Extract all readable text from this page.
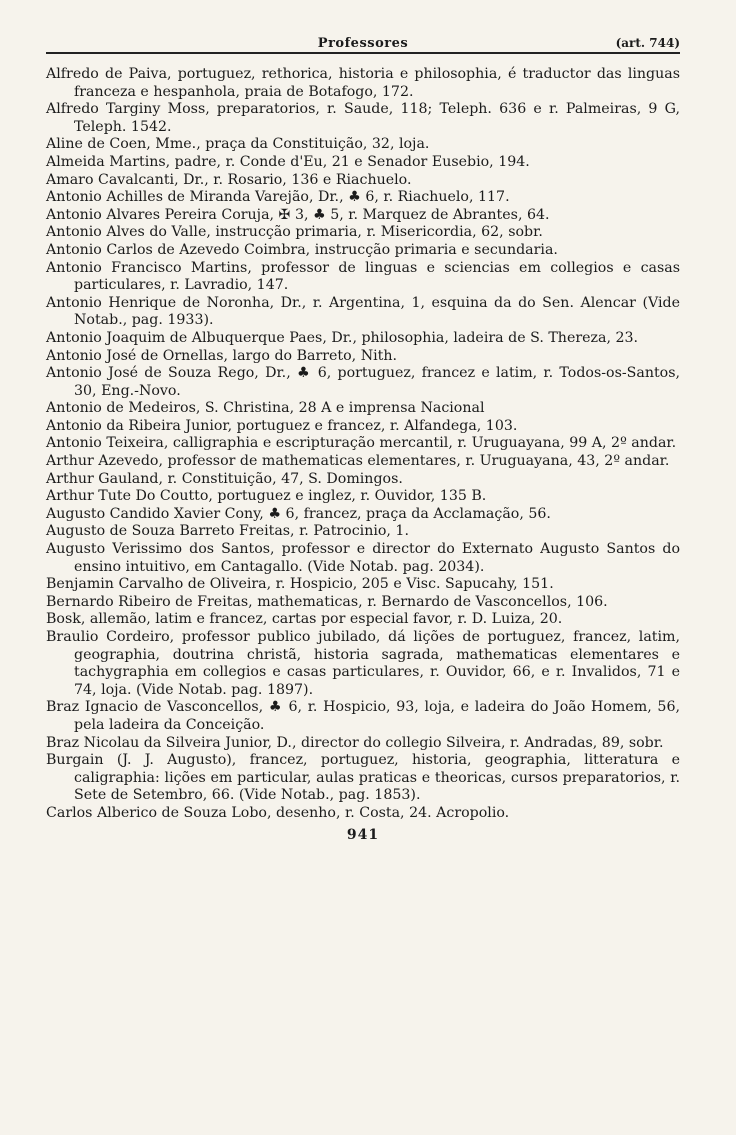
Professores	(art. 744)

Alfredo de Paiva, portuguez, rethorica, historia e philosophia, é traductor das linguas franceza e hespanhola, praia de Botafogo, 172.

Alfredo Targiny Moss, preparatorios, r. Saude, 118; Teleph. 636 e r. Palmeiras, 9 G, Teleph. 1542.

Aline de Coen, Mme., praça da Constituição, 32, loja.

Almeida Martins, padre, r. Conde d'Eu, 21 e Senador Eusebio, 194.

Amaro Cavalcanti, Dr., r. Rosario, 136 e Riachuelo.

Antonio Achilles de Miranda Varejão, Dr., ♣ 6, r. Riachuelo, 117.

Antonio Alvares Pereira Coruja, ✠ 3, ♣ 5, r. Marquez de Abrantes, 64.

Antonio Alves do Valle, instrucção primaria, r. Misericordia, 62, sobr.

Antonio Carlos de Azevedo Coimbra, instrucção primaria e secundaria.

Antonio Francisco Martins, professor de linguas e sciencias em collegios e casas particulares, r. Lavradio, 147.

Antonio Henrique de Noronha, Dr., r. Argentina, 1, esquina da do Sen. Alencar (Vide Notab., pag. 1933).

Antonio Joaquim de Albuquerque Paes, Dr., philosophia, ladeira de S. Thereza, 23.

Antonio José de Ornellas, largo do Barreto, Nith.

Antonio José de Souza Rego, Dr., ♣ 6, portuguez, francez e latim, r. Todos-os-Santos, 30, Eng.-Novo.

Antonio de Medeiros, S. Christina, 28 A e imprensa Nacional

Antonio da Ribeira Junior, portuguez e francez, r. Alfandega, 103.

Antonio Teixeira, calligraphia e escripturação mercantil, r. Uruguayana, 99 A, 2º andar.

Arthur Azevedo, professor de mathematicas elementares, r. Uruguayana, 43, 2º andar.

Arthur Gauland, r. Constituição, 47, S. Domingos.

Arthur Tute Do Coutto, portuguez e inglez, r. Ouvidor, 135 B.

Augusto Candido Xavier Cony, ♣ 6, francez, praça da Acclamação, 56.

Augusto de Souza Barreto Freitas, r. Patrocinio, 1.

Augusto Verissimo dos Santos, professor e director do Externato Augusto Santos do ensino intuitivo, em Cantagallo. (Vide Notab. pag. 2034).

Benjamin Carvalho de Oliveira, r. Hospicio, 205 e Visc. Sapucahy, 151.

Bernardo Ribeiro de Freitas, mathematicas, r. Bernardo de Vasconcellos, 106.

Bosk, allemão, latim e francez, cartas por especial favor, r. D. Luiza, 20.

Braulio Cordeiro, professor publico jubilado, dá lições de portuguez, francez, latim, geographia, doutrina christã, historia sagrada, mathematicas elementares e tachygraphia em collegios e casas particulares, r. Ouvidor, 66, e r. Invalidos, 71 e 74, loja. (Vide Notab. pag. 1897).

Braz Ignacio de Vasconcellos, ♣ 6, r. Hospicio, 93, loja, e ladeira do João Homem, 56, pela ladeira da Conceição.

Braz Nicolau da Silveira Junior, D., director do collegio Silveira, r. Andradas, 89, sobr.

Burgain (J. J. Augusto), francez, portuguez, historia, geographia, litteratura e caligraphia: lições em particular, aulas praticas e theoricas, cursos preparatorios, r. Sete de Setembro, 66. (Vide Notab., pag. 1853).

Carlos Alberico de Souza Lobo, desenho, r. Costa, 24. Acropolio.

941
